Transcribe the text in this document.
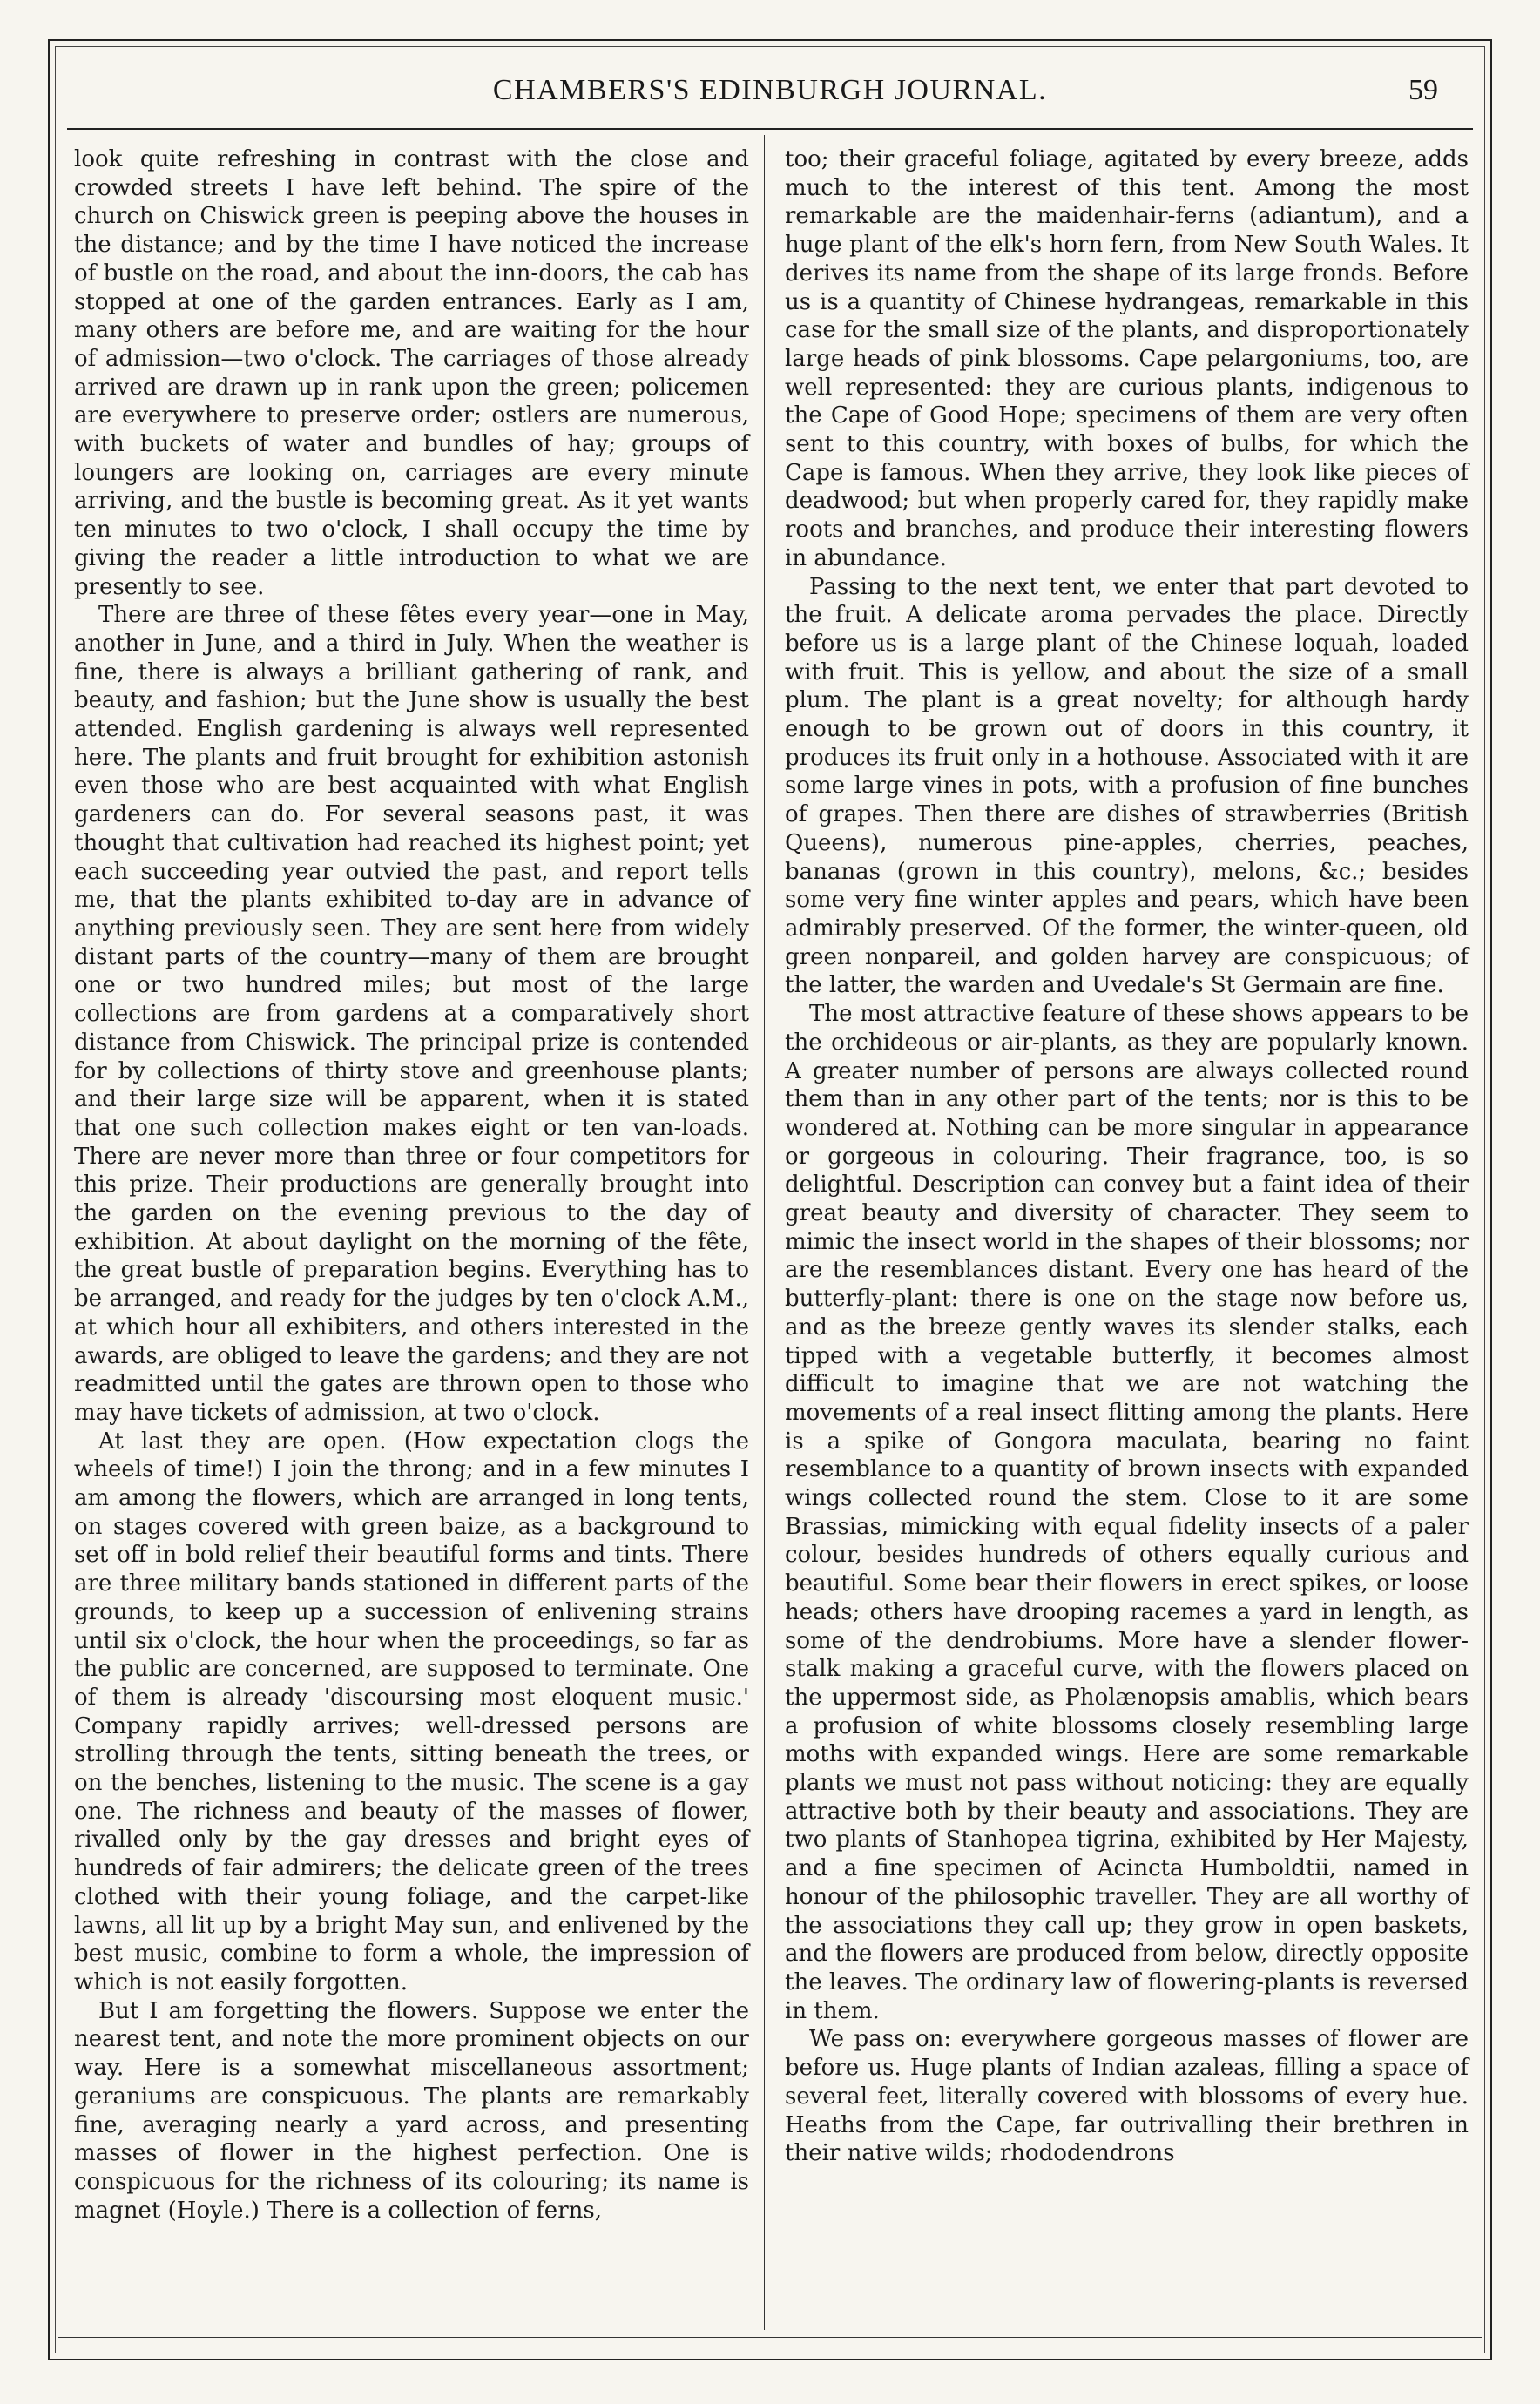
CHAMBERS'S EDINBURGH JOURNAL.	59

look quite refreshing in contrast with the close and crowded streets I have left behind. The spire of the church on Chiswick green is peeping above the houses in the distance; and by the time I have noticed the increase of bustle on the road, and about the inn-doors, the cab has stopped at one of the garden entrances. Early as I am, many others are before me, and are waiting for the hour of admission—two o'clock. The carriages of those already arrived are drawn up in rank upon the green; policemen are everywhere to preserve order; ostlers are numerous, with buckets of water and bundles of hay; groups of loungers are looking on, carriages are every minute arriving, and the bustle is becoming great. As it yet wants ten minutes to two o'clock, I shall occupy the time by giving the reader a little introduction to what we are presently to see.

There are three of these fêtes every year—one in May, another in June, and a third in July. When the weather is fine, there is always a brilliant gathering of rank, and beauty, and fashion; but the June show is usually the best attended. English gardening is always well represented here. The plants and fruit brought for exhibition astonish even those who are best acquainted with what English gardeners can do. For several seasons past, it was thought that cultivation had reached its highest point; yet each succeeding year outvied the past, and report tells me, that the plants exhibited to-day are in advance of anything previously seen. They are sent here from widely distant parts of the country—many of them are brought one or two hundred miles; but most of the large collections are from gardens at a comparatively short distance from Chiswick. The principal prize is contended for by collections of thirty stove and greenhouse plants; and their large size will be apparent, when it is stated that one such collection makes eight or ten van-loads. There are never more than three or four competitors for this prize. Their productions are generally brought into the garden on the evening previous to the day of exhibition. At about daylight on the morning of the fête, the great bustle of preparation begins. Everything has to be arranged, and ready for the judges by ten o'clock A.M., at which hour all exhibiters, and others interested in the awards, are obliged to leave the gardens; and they are not readmitted until the gates are thrown open to those who may have tickets of admission, at two o'clock.

At last they are open. (How expectation clogs the wheels of time!) I join the throng; and in a few minutes I am among the flowers, which are arranged in long tents, on stages covered with green baize, as a background to set off in bold relief their beautiful forms and tints. There are three military bands stationed in different parts of the grounds, to keep up a succession of enlivening strains until six o'clock, the hour when the proceedings, so far as the public are concerned, are supposed to terminate. One of them is already 'discoursing most eloquent music.' Company rapidly arrives; well-dressed persons are strolling through the tents, sitting beneath the trees, or on the benches, listening to the music. The scene is a gay one. The richness and beauty of the masses of flower, rivalled only by the gay dresses and bright eyes of hundreds of fair admirers; the delicate green of the trees clothed with their young foliage, and the carpet-like lawns, all lit up by a bright May sun, and enlivened by the best music, combine to form a whole, the impression of which is not easily forgotten.

But I am forgetting the flowers. Suppose we enter the nearest tent, and note the more prominent objects on our way. Here is a somewhat miscellaneous assortment; geraniums are conspicuous. The plants are remarkably fine, averaging nearly a yard across, and presenting masses of flower in the highest perfection. One is conspicuous for the richness of its colouring; its name is magnet (Hoyle.) There is a collection of ferns,

too; their graceful foliage, agitated by every breeze, adds much to the interest of this tent. Among the most remarkable are the maidenhair-ferns (adiantum), and a huge plant of the elk's horn fern, from New South Wales. It derives its name from the shape of its large fronds. Before us is a quantity of Chinese hydrangeas, remarkable in this case for the small size of the plants, and disproportionately large heads of pink blossoms. Cape pelargoniums, too, are well represented: they are curious plants, indigenous to the Cape of Good Hope; specimens of them are very often sent to this country, with boxes of bulbs, for which the Cape is famous. When they arrive, they look like pieces of deadwood; but when properly cared for, they rapidly make roots and branches, and produce their interesting flowers in abundance.

Passing to the next tent, we enter that part devoted to the fruit. A delicate aroma pervades the place. Directly before us is a large plant of the Chinese loquah, loaded with fruit. This is yellow, and about the size of a small plum. The plant is a great novelty; for although hardy enough to be grown out of doors in this country, it produces its fruit only in a hothouse. Associated with it are some large vines in pots, with a profusion of fine bunches of grapes. Then there are dishes of strawberries (British Queens), numerous pine-apples, cherries, peaches, bananas (grown in this country), melons, &c.; besides some very fine winter apples and pears, which have been admirably preserved. Of the former, the winter-queen, old green nonpareil, and golden harvey are conspicuous; of the latter, the warden and Uvedale's St Germain are fine.

The most attractive feature of these shows appears to be the orchideous or air-plants, as they are popularly known. A greater number of persons are always collected round them than in any other part of the tents; nor is this to be wondered at. Nothing can be more singular in appearance or gorgeous in colouring. Their fragrance, too, is so delightful. Description can convey but a faint idea of their great beauty and diversity of character. They seem to mimic the insect world in the shapes of their blossoms; nor are the resemblances distant. Every one has heard of the butterfly-plant: there is one on the stage now before us, and as the breeze gently waves its slender stalks, each tipped with a vegetable butterfly, it becomes almost difficult to imagine that we are not watching the movements of a real insect flitting among the plants. Here is a spike of Gongora maculata, bearing no faint resemblance to a quantity of brown insects with expanded wings collected round the stem. Close to it are some Brassias, mimicking with equal fidelity insects of a paler colour, besides hundreds of others equally curious and beautiful. Some bear their flowers in erect spikes, or loose heads; others have drooping racemes a yard in length, as some of the dendrobiums. More have a slender flower-stalk making a graceful curve, with the flowers placed on the uppermost side, as Pholænopsis amablis, which bears a profusion of white blossoms closely resembling large moths with expanded wings. Here are some remarkable plants we must not pass without noticing: they are equally attractive both by their beauty and associations. They are two plants of Stanhopea tigrina, exhibited by Her Majesty, and a fine specimen of Acincta Humboldtii, named in honour of the philosophic traveller. They are all worthy of the associations they call up; they grow in open baskets, and the flowers are produced from below, directly opposite the leaves. The ordinary law of flowering-plants is reversed in them.

We pass on: everywhere gorgeous masses of flower are before us. Huge plants of Indian azaleas, filling a space of several feet, literally covered with blossoms of every hue. Heaths from the Cape, far outrivalling their brethren in their native wilds; rhododendrons
